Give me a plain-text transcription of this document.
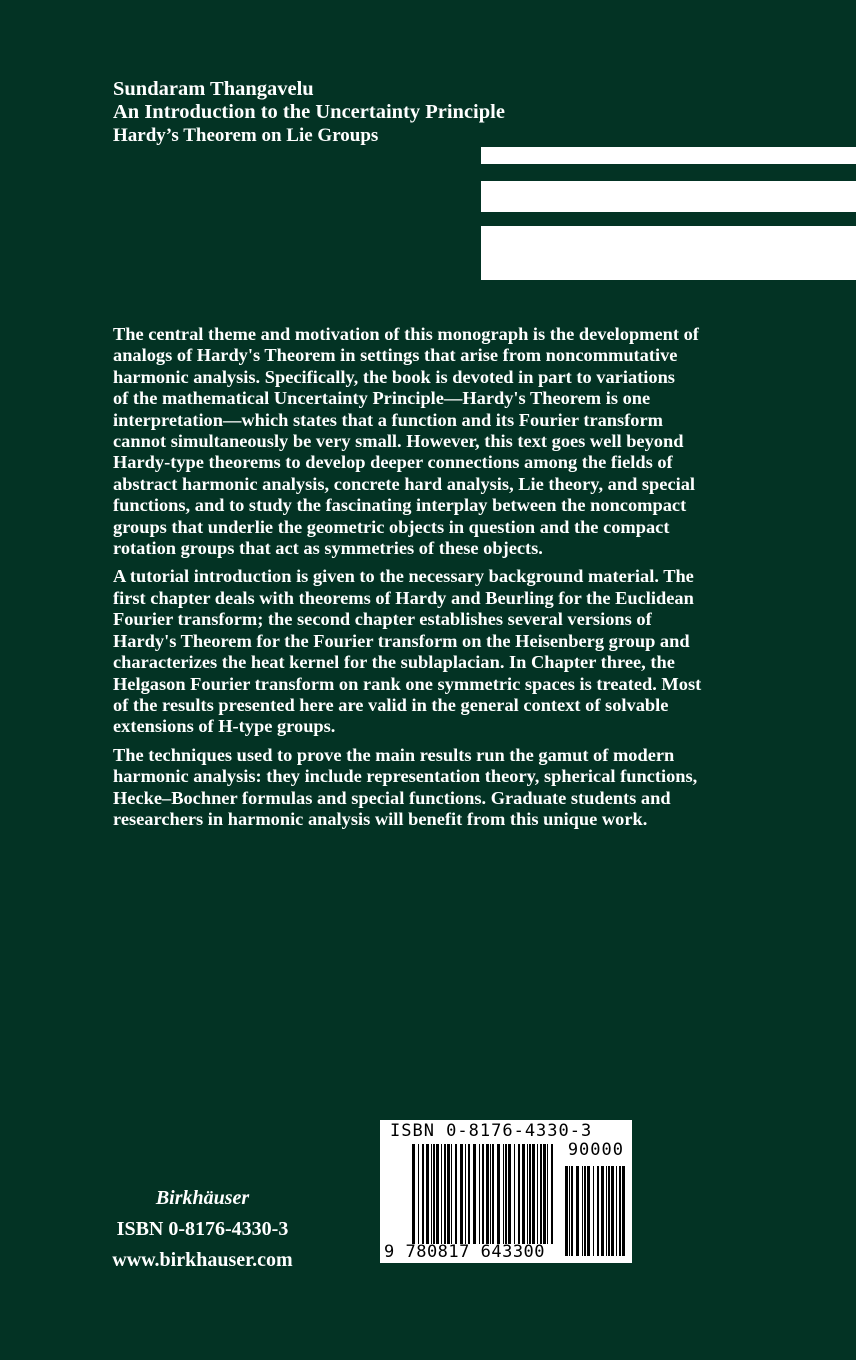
Sundaram Thangavelu
An Introduction to the Uncertainty Principle
Hardy’s Theorem on Lie Groups
The central theme and motivation of this monograph is the development of
analogs of Hardy's Theorem in settings that arise from noncommutative
harmonic analysis. Specifically, the book is devoted in part to variations
of the mathematical Uncertainty Principle—Hardy's Theorem is one
interpretation—which states that a function and its Fourier transform
cannot simultaneously be very small. However, this text goes well beyond
Hardy-type theorems to develop deeper connections among the fields of
abstract harmonic analysis, concrete hard analysis, Lie theory, and special
functions, and to study the fascinating interplay between the noncompact
groups that underlie the geometric objects in question and the compact
rotation groups that act as symmetries of these objects.
A tutorial introduction is given to the necessary background material. The
first chapter deals with theorems of Hardy and Beurling for the Euclidean
Fourier transform; the second chapter establishes several versions of
Hardy's Theorem for the Fourier transform on the Heisenberg group and
characterizes the heat kernel for the sublaplacian. In Chapter three, the
Helgason Fourier transform on rank one symmetric spaces is treated. Most
of the results presented here are valid in the general context of solvable
extensions of H-type groups.
The techniques used to prove the main results run the gamut of modern
harmonic analysis: they include representation theory, spherical functions,
Hecke–Bochner formulas and special functions. Graduate students and
researchers in harmonic analysis will benefit from this unique work.
Birkhäuser
ISBN 0-8176-4330-3
www.birkhauser.com
ISBN 0-8176-4330-3
90000
9 780817 643300
